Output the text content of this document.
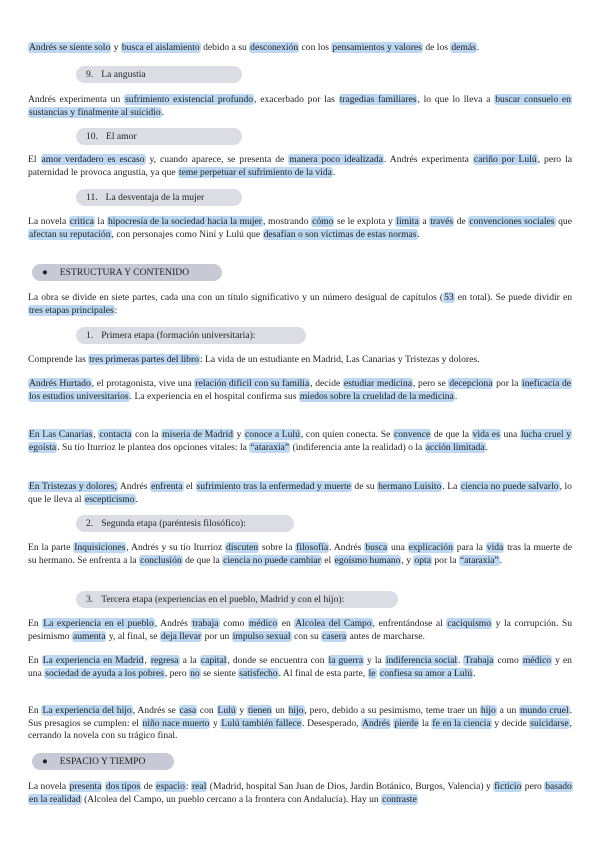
Andrés se siente solo y busca el aislamiento debido a su desconexión con los pensamientos y valores de los demás.

9. La angustia

Andrés experimenta un sufrimiento existencial profundo, exacerbado por las tragedias familiares, lo que lo lleva a buscar consuelo en sustancias y finalmente al suicidio.

10. El amor

El amor verdadero es escaso y, cuando aparece, se presenta de manera poco idealizada. Andrés experimenta cariño por Lulú, pero la paternidad le provoca angustia, ya que teme perpetuar el sufrimiento de la vida.

11. La desventaja de la mujer

La novela critica la hipocresía de la sociedad hacia la mujer, mostrando cómo se le explota y limita a través de convenciones sociales que afectan su reputación, con personajes como Niní y Lulú que desafían o son víctimas de estas normas.

● ESTRUCTURA Y CONTENIDO

La obra se divide en siete partes, cada una con un título significativo y un número desigual de capítulos (53 en total). Se puede dividir en tres etapas principales:

1. Primera etapa (formación universitaria):

Comprende las tres primeras partes del libro: La vida de un estudiante en Madrid, Las Canarias y Tristezas y dolores.

Andrés Hurtado, el protagonista, vive una relación difícil con su familia, decide estudiar medicina, pero se decepciona por la ineficacia de los estudios universitarios. La experiencia en el hospital confirma sus miedos sobre la crueldad de la medicina.

En Las Canarias, contacta con la miseria de Madrid y conoce a Lulú, con quien conecta. Se convence de que la vida es una lucha cruel y egoísta. Su tío Iturrioz le plantea dos opciones vitales: la “ataraxia” (indiferencia ante la realidad) o la acción limitada.

En Tristezas y dolores, Andrés enfrenta el sufrimiento tras la enfermedad y muerte de su hermano Luisito. La ciencia no puede salvarlo, lo que le lleva al escepticismo.

2. Segunda etapa (paréntesis filosófico):

En la parte Inquisiciones, Andrés y su tío Iturrioz discuten sobre la filosofía. Andrés busca una explicación para la vida tras la muerte de su hermano. Se enfrenta a la conclusión de que la ciencia no puede cambiar el egoísmo humano, y opta por la “ataraxia”.

3. Tercera etapa (experiencias en el pueblo, Madrid y con el hijo):

En La experiencia en el pueblo, Andrés trabaja como médico en Alcolea del Campo, enfrentándose al caciquismo y la corrupción. Su pesimismo aumenta y, al final, se deja llevar por un impulso sexual con su casera antes de marcharse.

En La experiencia en Madrid, regresa a la capital, donde se encuentra con la guerra y la indiferencia social. Trabaja como médico y en una sociedad de ayuda a los pobres, pero no se siente satisfecho. Al final de esta parte, le confiesa su amor a Lulú.

En La experiencia del hijo, Andrés se casa con Lulú y tienen un hijo, pero, debido a su pesimismo, teme traer un hijo a un mundo cruel. Sus presagios se cumplen: el niño nace muerto y Lulú también fallece. Desesperado, Andrés pierde la fe en la ciencia y decide suicidarse, cerrando la novela con su trágico final.

● ESPACIO Y TIEMPO

La novela presenta dos tipos de espacio: real (Madrid, hospital San Juan de Dios, Jardín Botánico, Burgos, Valencia) y ficticio pero basado en la realidad (Alcolea del Campo, un pueblo cercano a la frontera con Andalucía). Hay un contraste
